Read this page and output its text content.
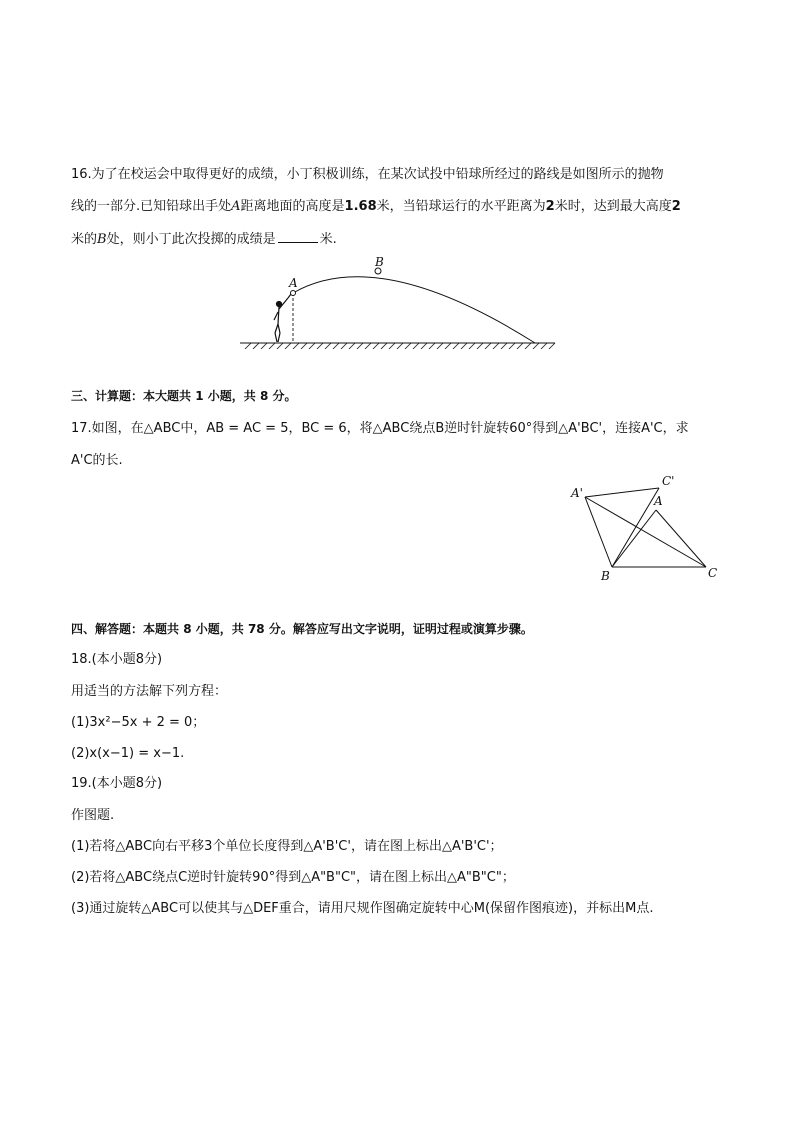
16.为了在校运会中取得更好的成绩，小丁积极训练，在某次试投中铅球所经过的路线是如图所示的抛物
线的一部分.已知铅球出手处A距离地面的高度是1.68米，当铅球运行的水平距离为2米时，达到最大高度2
米的B处，则小丁此次投掷的成绩是	米.
A
B
三、计算题：本大题共 1 小题，共 8 分。
17.如图，在△ABC中，AB = AC = 5，BC = 6，将△ABC绕点B逆时针旋转60°得到△A'BC'，连接A'C，求
A'C的长.
A'
C'
A
B	C
四、解答题：本题共 8 小题，共 78 分。解答应写出文字说明，证明过程或演算步骤。
18.(本小题8分)
用适当的方法解下列方程：
(1)3x²−5x + 2 = 0；
(2)x(x−1) = x−1.
19.(本小题8分)
作图题.
(1)若将△ABC向右平移3个单位长度得到△A'B'C'，请在图上标出△A'B'C'；
(2)若将△ABC绕点C逆时针旋转90°得到△A"B"C"，请在图上标出△A"B"C"；
(3)通过旋转△ABC可以使其与△DEF重合，请用尺规作图确定旋转中心M(保留作图痕迹)，并标出M点.
